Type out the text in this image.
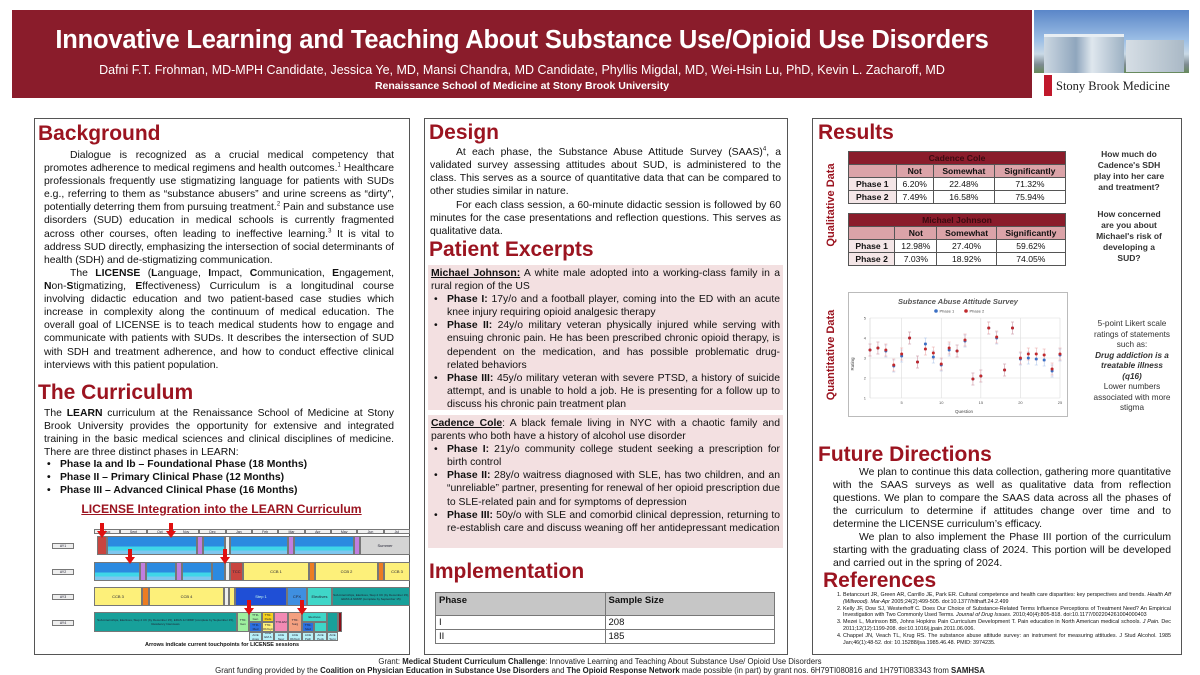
Innovative Learning and Teaching About Substance Use/Opioid Use Disorders
Dafni F.T. Frohman, MD-MPH Candidate, Jessica Ye, MD, Mansi Chandra, MD Candidate, Phyllis Migdal, MD, Wei-Hsin Lu, PhD, Kevin L. Zacharoff, MD
Renaissance School of Medicine at Stony Brook University	Stony Brook Medicine
Background
Dialogue is recognized as a crucial medical competency that promotes adherence to medical regimens and health outcomes.$^1$ Healthcare professionals frequently use stigmatizing language for patients with SUDs e.g., referring to them as “substance abusers” and urine screens as “dirty”, potentially deterring them from pursuing treatment.$^2$ Pain and substance use disorders (SUD) education in medical schools is currently fragmented across other courses, often leading to ineffective learning.$^3$ It is vital to address SUD directly, emphasizing the intersection of social determinants of health (SDH) and de-stigmatizing communication.
The LICENSE (Language, Impact, Communication, Engagement, Non-Stigmatizing, Effectiveness) Curriculum is a longitudinal course involving didactic education and two patient-based case studies which increase in complexity along the continuum of medical education. The overall goal of LICENSE is to teach medical students how to engage and communicate with patients with SUDs. It describes the intersection of SUD with SDH and treatment adherence, and how to conduct effective clinical interviews with this patient population.
The Curriculum
The LEARN curriculum at the Renaissance School of Medicine at Stony Brook University provides the opportunity for extensive and integrated training in the basic medical sciences and clinical disciplines of medicine. There are three distinct phases in LEARN:
• Phase Ia and Ib – Foundational Phase (18 Months)
• Phase II – Primary Clinical Phase (12 Months)
• Phase III – Advanced Clinical Phase (16 Months)
LICENSE Integration into the LEARN Curriculum
Aug	Sept	Oct	Nov	Dec	Jan	Feb	Mar	Apr	May	Jun	Jul
AY1
AY2
AY3
AY4
Summer
TCC	CCB 1	CCB 2	CCB 3
CCB 3	CCB 4	Step 1	CPX	Electives	Sub-Internships, Electives, Step 2 CK (by December 15), ERAS & NRMP (complete by September 15)
Sub-Internships, Electives, Step 2 CK (by December 15), ERAS & NRMP (complete by September 15), Residency Interviews
TTR-Gen
TTR-Gen
TTR-Med
TTR-Peds
TTR-Ob/Gyn
TTR-EM	TTR-Surg
Electives
TTR-Med
ACE Anes
ACE EM & Med
ACE Neur
ACE Ob/Gyn
ACE Path
ACE Peds
ACE Surg
Arrows indicate current touchpoints for LICENSE sessions
Design
At each phase, the Substance Abuse Attitude Survey (SAAS)$^4$, a validated survey assessing attitudes about SUD, is administered to the class. This serves as a source of quantitative data that can be compared to other studies similar in nature.
For each class session, a 60-minute didactic session is followed by 60 minutes for the case presentations and reflection questions. This serves as qualitative data.
Patient Excerpts
Michael Johnson: A white male adopted into a working-class family in a rural region of the US
• Phase I: 17y/o and a football player, coming into the ED with an acute knee injury requiring opioid analgesic therapy
• Phase II: 24y/o military veteran physically injured while serving with ensuing chronic pain. He has been prescribed chronic opioid therapy, is dependent on the medication, and has possible problematic drug-related behaviors
• Phase III: 45y/o military veteran with severe PTSD, a history of suicide attempt, and is unable to hold a job. He is presenting for a follow up to discuss his chronic pain treatment plan
Cadence Cole: A black female living in NYC with a chaotic family and parents who both have a history of alcohol use disorder
• Phase I: 21y/o community college student seeking a prescription for birth control
• Phase II: 28y/o waitress diagnosed with SLE, has two children, and an “unreliable” partner, presenting for renewal of her opioid prescription due to SLE-related pain and for symptoms of depression
• Phase III: 50y/o with SLE and comorbid clinical depression, returning to re-establish care and discuss weaning off her antidepressant medication
Implementation
Phase	Sample Size
I	208
II	185
Results
Qualitative Data
Cadence Cole			
	Not	Somewhat	Significantly
Phase 1	6.20%	22.48%	71.32%
Phase 2	7.49%	16.58%	75.94%
Michael Johnson			
	Not	Somewhat	Significantly
Phase 1	12.98%	27.40%	59.62%
Phase 2	7.03%	18.92%	74.05%
How much do Cadence's SDH play into her care and treatment?
How concerned are you about Michael's risk of developing a SUD?
Quantitative Data
Substance Abuse Attitude Survey
Phase 1	Phase 2
1
2
3
4
5
5	10	15	20	25
Rating
Question
5-point Likert scale ratings of statements such as:
Drug addiction is a treatable illness (q16)
Lower numbers associated with more stigma
Future Directions
We plan to continue this data collection, gathering more quantitative with the SAAS surveys as well as qualitative data from reflection questions. We plan to compare the SAAS data across all the phases of the curriculum to determine if attitudes change over time and to determine the LICENSE curriculum’s efficacy.
We plan to also implement the Phase III portion of the curriculum starting with the graduating class of 2024. This portion will be developed and carried out in the spring of 2024.
References
1. Betancourt JR, Green AR, Carrillo JE, Park ER. Cultural competence and health care disparities: key perspectives and trends. Health Aff (Millwood). Mar-Apr 2005;24(2):499-505. doi:10.1377/hlthaff.24.2.499
2. Kelly JF, Dow SJ, Westerhoff C. Does Our Choice of Substance-Related Terms Influence Perceptions of Treatment Need? An Empirical Investigation with Two Commonly Used Terms. Journal of Drug Issues. 2010;40(4):805-818. doi:10.1177/002204261004000403
3. Mezei L, Murinson BB, Johns Hopkins Pain Curriculum Development T. Pain education in North American medical schools. J Pain. Dec 2011;12(12):1199-208. doi:10.1016/j.jpain.2011.06.006.
4. Chappel JN, Veach TL, Krug RS. The substance abuse attitude survey: an instrument for measuring attitudes. J Stud Alcohol. 1985 Jan;46(1):48-52. doi: 10.15288/jsa.1985.46.48. PMID: 3974235.
Grant: Medical Student Curriculum Challenge: Innovative Learning and Teaching About Substance Use/ Opioid Use Disorders
Grant funding provided by the Coalition on Physician Education in Substance Use Disorders and The Opioid Response Network made possible (in part) by grant nos. 6H79TI080816 and 1H79TI083343 from SAMHSA
